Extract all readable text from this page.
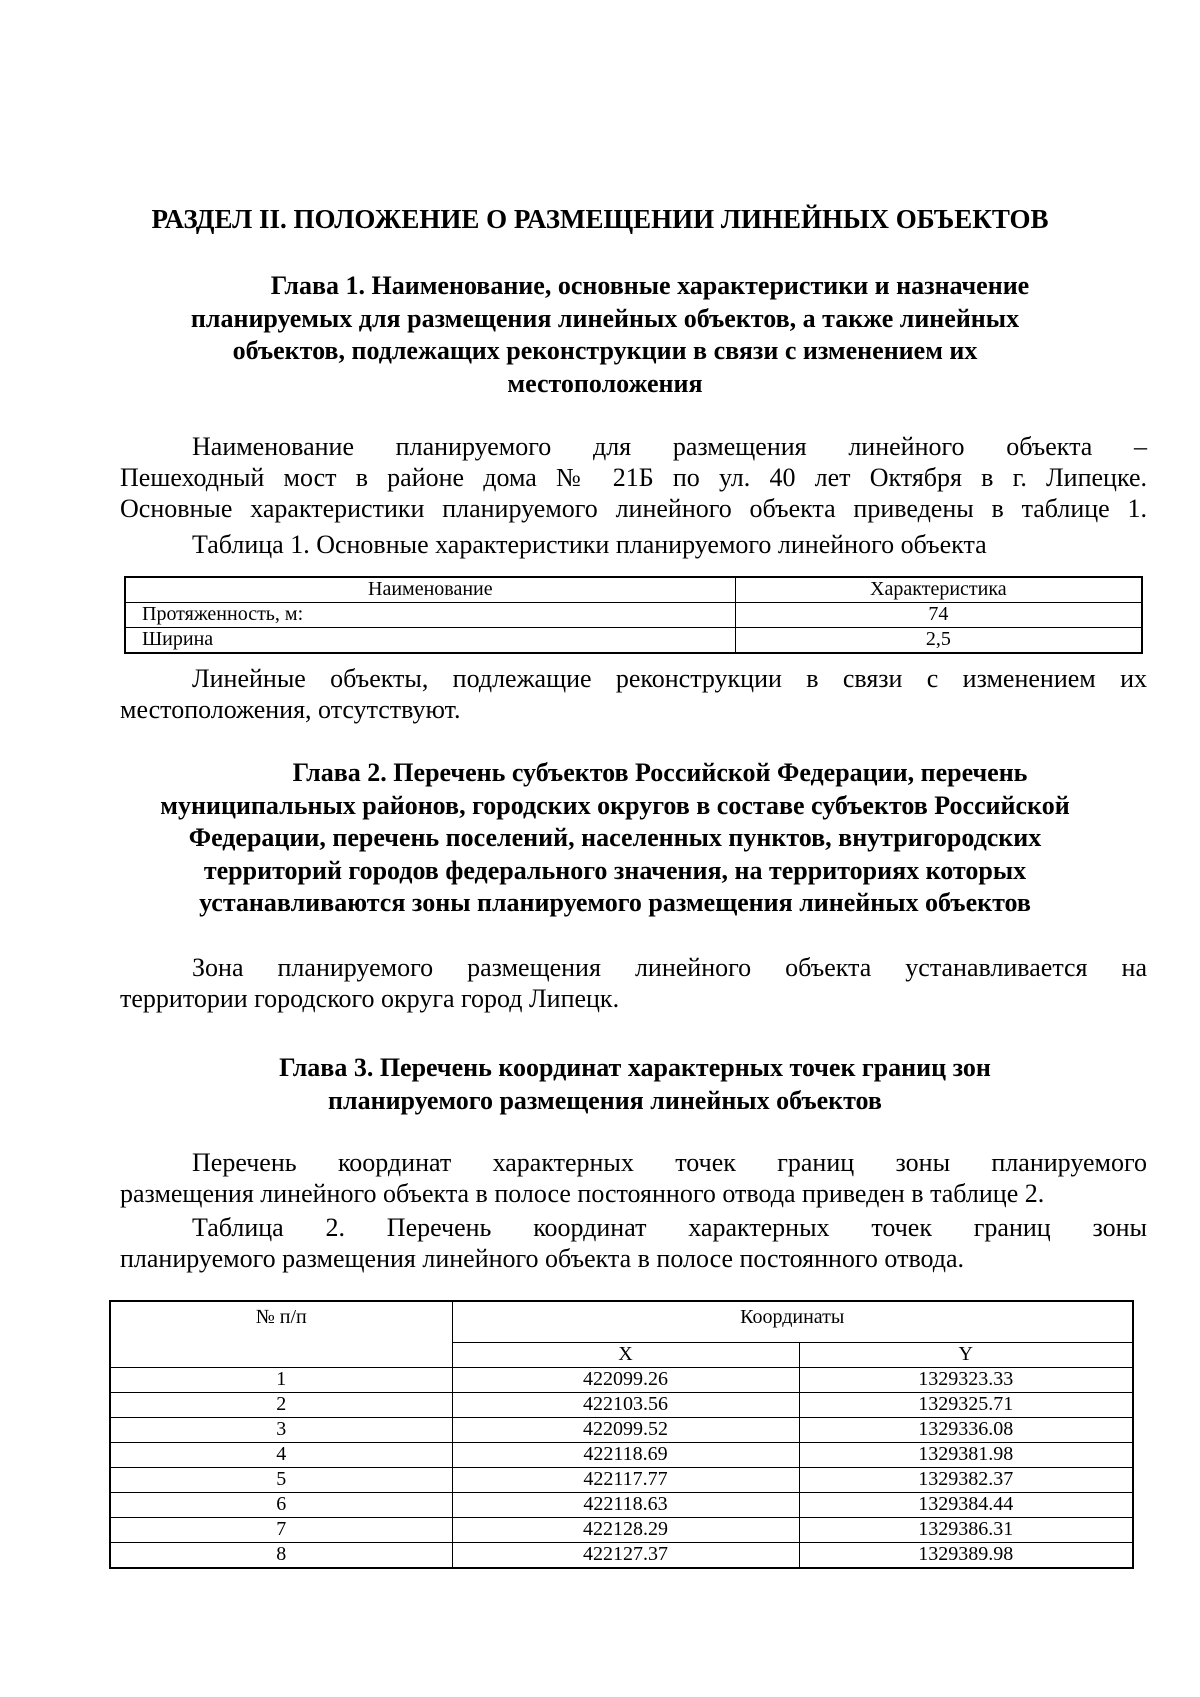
РАЗДЕЛ II. ПОЛОЖЕНИЕ О РАЗМЕЩЕНИИ ЛИНЕЙНЫХ ОБЪЕКТОВ
Глава 1. Наименование, основные характеристики и назначение
планируемых для размещения линейных объектов, а также линейных
объектов, подлежащих реконструкции в связи с изменением их
местоположения
Наименование планируемого для размещения линейного объекта –
Пешеходный мост в районе дома № 21Б по ул. 40 лет Октября в г. Липецке.
Основные характеристики планируемого линейного объекта приведены в таблице 1.
Таблица 1. Основные характеристики планируемого линейного объекта
Наименование	Характеристика
Протяженность, м:	74
Ширина	2,5
Линейные объекты, подлежащие реконструкции в связи с изменением их
местоположения, отсутствуют.
Глава 2. Перечень субъектов Российской Федерации, перечень
муниципальных районов, городских округов в составе субъектов Российской
Федерации, перечень поселений, населенных пунктов, внутригородских
территорий городов федерального значения, на территориях которых
устанавливаются зоны планируемого размещения линейных объектов
Зона планируемого размещения линейного объекта устанавливается на
территории городского округа город Липецк.
Глава 3. Перечень координат характерных точек границ зон
планируемого размещения линейных объектов
Перечень координат характерных точек границ зоны планируемого
размещения линейного объекта в полосе постоянного отвода приведен в таблице 2.
Таблица 2. Перечень координат характерных точек границ зоны
планируемого размещения линейного объекта в полосе постоянного отвода.
№ п/п	Координаты	
	X	Y
1	422099.26	1329323.33
2	422103.56	1329325.71
3	422099.52	1329336.08
4	422118.69	1329381.98
5	422117.77	1329382.37
6	422118.63	1329384.44
7	422128.29	1329386.31
8	422127.37	1329389.98
